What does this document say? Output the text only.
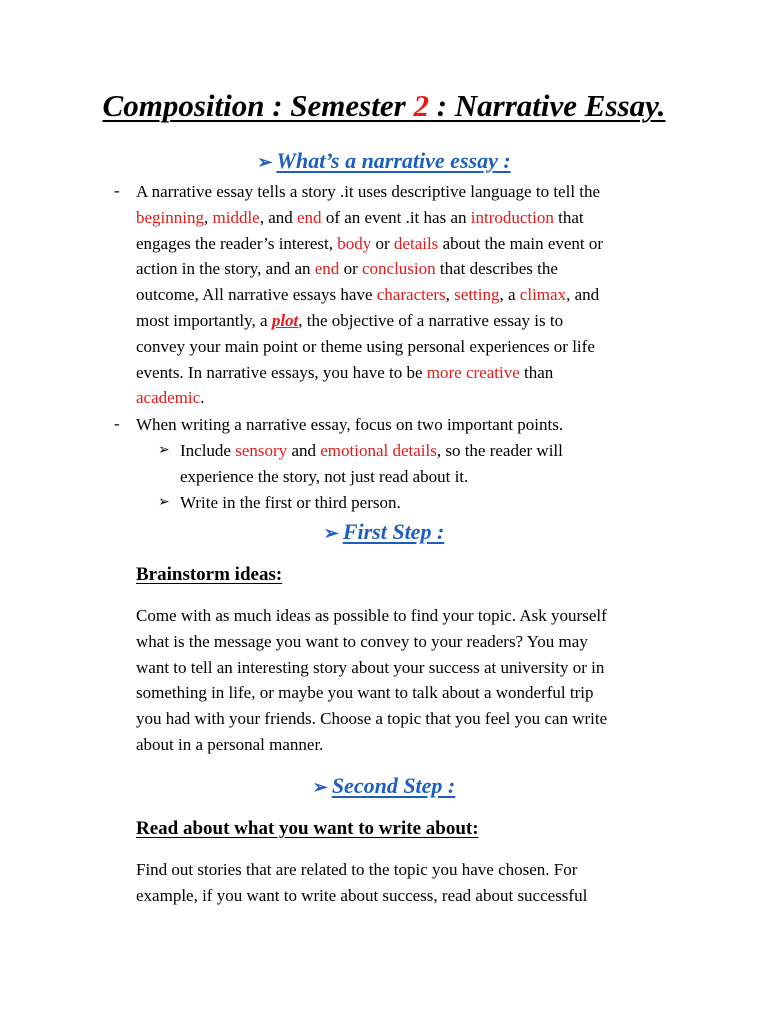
Composition : Semester 2 : Narrative Essay.
➢ What’s a narrative essay :
- A narrative essay tells a story .it uses descriptive language to tell the
beginning, middle, and end of an event .it has an introduction that
engages the reader’s interest, body or details about the main event or
action in the story, and an end or conclusion that describes the
outcome, All narrative essays have characters, setting, a climax, and
most importantly, a plot, the objective of a narrative essay is to
convey your main point or theme using personal experiences or life
events. In narrative essays, you have to be more creative than
academic.
- When writing a narrative essay, focus on two important points.
➢ Include sensory and emotional details, so the reader will
experience the story, not just read about it.
➢ Write in the first or third person.
➢ First Step :
Brainstorm ideas:
Come with as much ideas as possible to find your topic. Ask yourself
what is the message you want to convey to your readers? You may
want to tell an interesting story about your success at university or in
something in life, or maybe you want to talk about a wonderful trip
you had with your friends. Choose a topic that you feel you can write
about in a personal manner.
➢ Second Step :
Read about what you want to write about:
Find out stories that are related to the topic you have chosen. For
example, if you want to write about success, read about successful
